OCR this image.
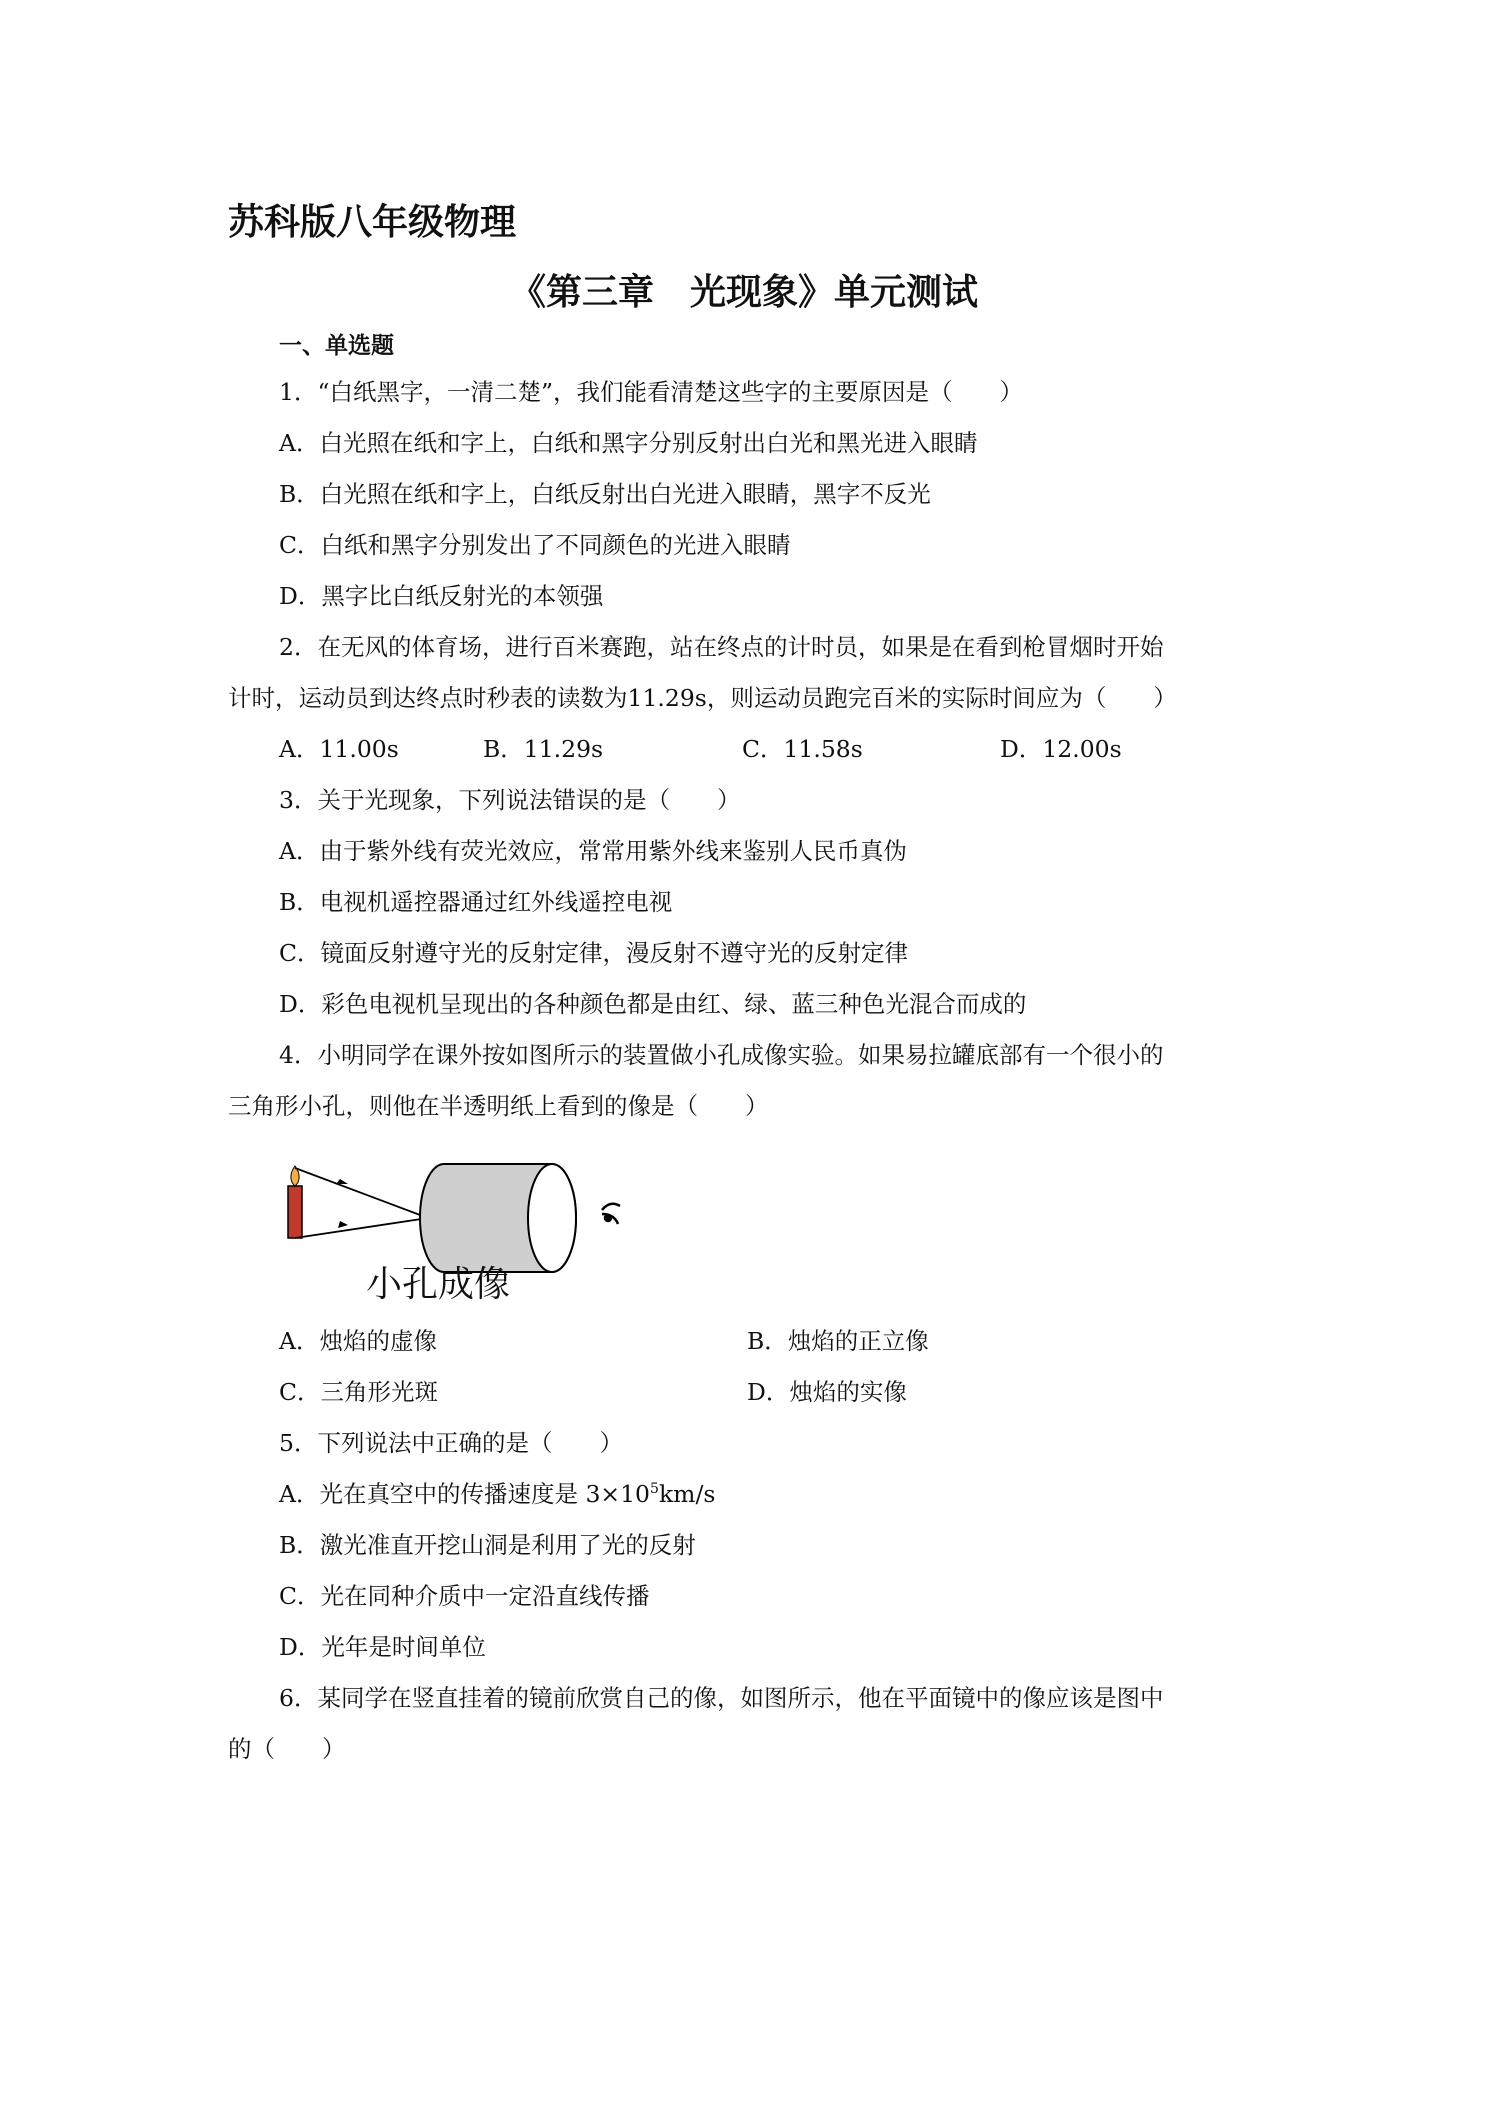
苏科版八年级物理
《第三章　光现象》单元测试
一、单选题
1．“白纸黑字，一清二楚”，我们能看清楚这些字的主要原因是（　　）
A．白光照在纸和字上，白纸和黑字分别反射出白光和黑光进入眼睛
B．白光照在纸和字上，白纸反射出白光进入眼睛，黑字不反光
C．白纸和黑字分别发出了不同颜色的光进入眼睛
D．黑字比白纸反射光的本领强
2．在无风的体育场，进行百米赛跑，站在终点的计时员，如果是在看到枪冒烟时开始
计时，运动员到达终点时秒表的读数为11.29s，则运动员跑完百米的实际时间应为（　　）
A．11.00s	B．11.29s	C．11.58s	D．12.00s
3．关于光现象，下列说法错误的是（　　）
A．由于紫外线有荧光效应，常常用紫外线来鉴别人民币真伪
B．电视机遥控器通过红外线遥控电视
C．镜面反射遵守光的反射定律，漫反射不遵守光的反射定律
D．彩色电视机呈现出的各种颜色都是由红、绿、蓝三种色光混合而成的
4．小明同学在课外按如图所示的装置做小孔成像实验。如果易拉罐底部有一个很小的
三角形小孔，则他在半透明纸上看到的像是（　　）
小孔成像
A．烛焰的虚像	B．烛焰的正立像
C．三角形光斑	D．烛焰的实像
5．下列说法中正确的是（　　）
A．光在真空中的传播速度是 $3\times 10^5km/s$
B．激光准直开挖山洞是利用了光的反射
C．光在同种介质中一定沿直线传播
D．光年是时间单位
6．某同学在竖直挂着的镜前欣赏自己的像，如图所示，他在平面镜中的像应该是图中
的（　　）
